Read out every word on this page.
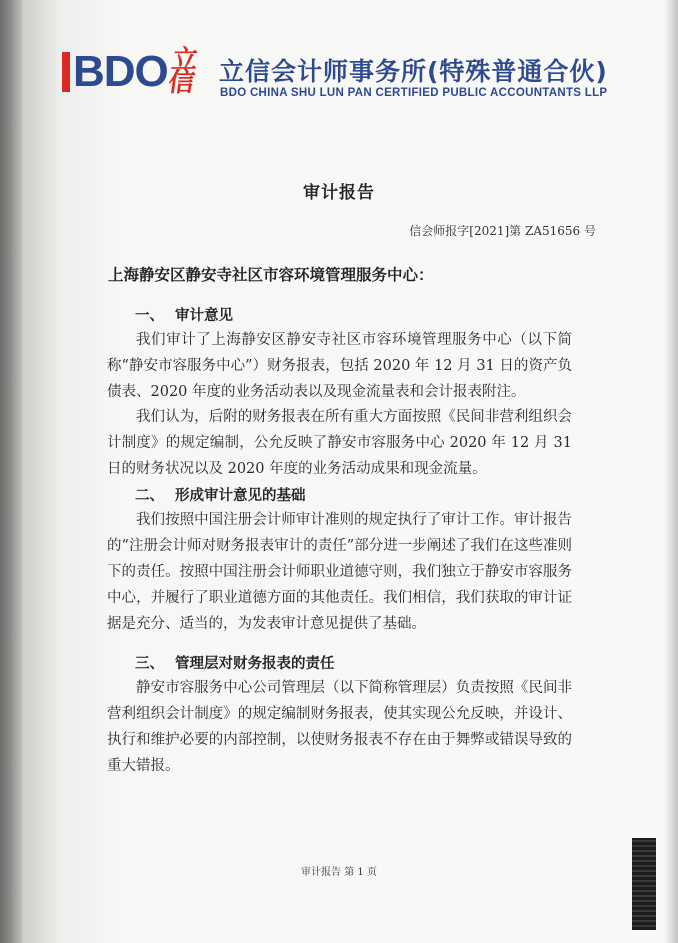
BDO 立
信 立信会计师事务所(特殊普通合伙)
BDO CHINA SHU LUN PAN CERTIFIED PUBLIC ACCOUNTANTS LLP
审计报告
信会师报字[2021]第 ZA51656 号
上海静安区静安寺社区市容环境管理服务中心：
一、 审计意见
我们审计了上海静安区静安寺社区市容环境管理服务中心（以下简称“静安市容服务中心”）财务报表，包括 2020 年 12 月 31 日的资产负债表、2020 年度的业务活动表以及现金流量表和会计报表附注。
我们认为，后附的财务报表在所有重大方面按照《民间非营利组织会计制度》的规定编制，公允反映了静安市容服务中心 2020 年 12 月 31 日的财务状况以及 2020 年度的业务活动成果和现金流量。
二、 形成审计意见的基础
我们按照中国注册会计师审计准则的规定执行了审计工作。审计报告的“注册会计师对财务报表审计的责任”部分进一步阐述了我们在这些准则下的责任。按照中国注册会计师职业道德守则，我们独立于静安市容服务中心，并履行了职业道德方面的其他责任。我们相信，我们获取的审计证据是充分、适当的，为发表审计意见提供了基础。
三、 管理层对财务报表的责任
静安市容服务中心公司管理层（以下简称管理层）负责按照《民间非营利组织会计制度》的规定编制财务报表，使其实现公允反映，并设计、执行和维护必要的内部控制，以使财务报表不存在由于舞弊或错误导致的重大错报。
审计报告 第 1 页
